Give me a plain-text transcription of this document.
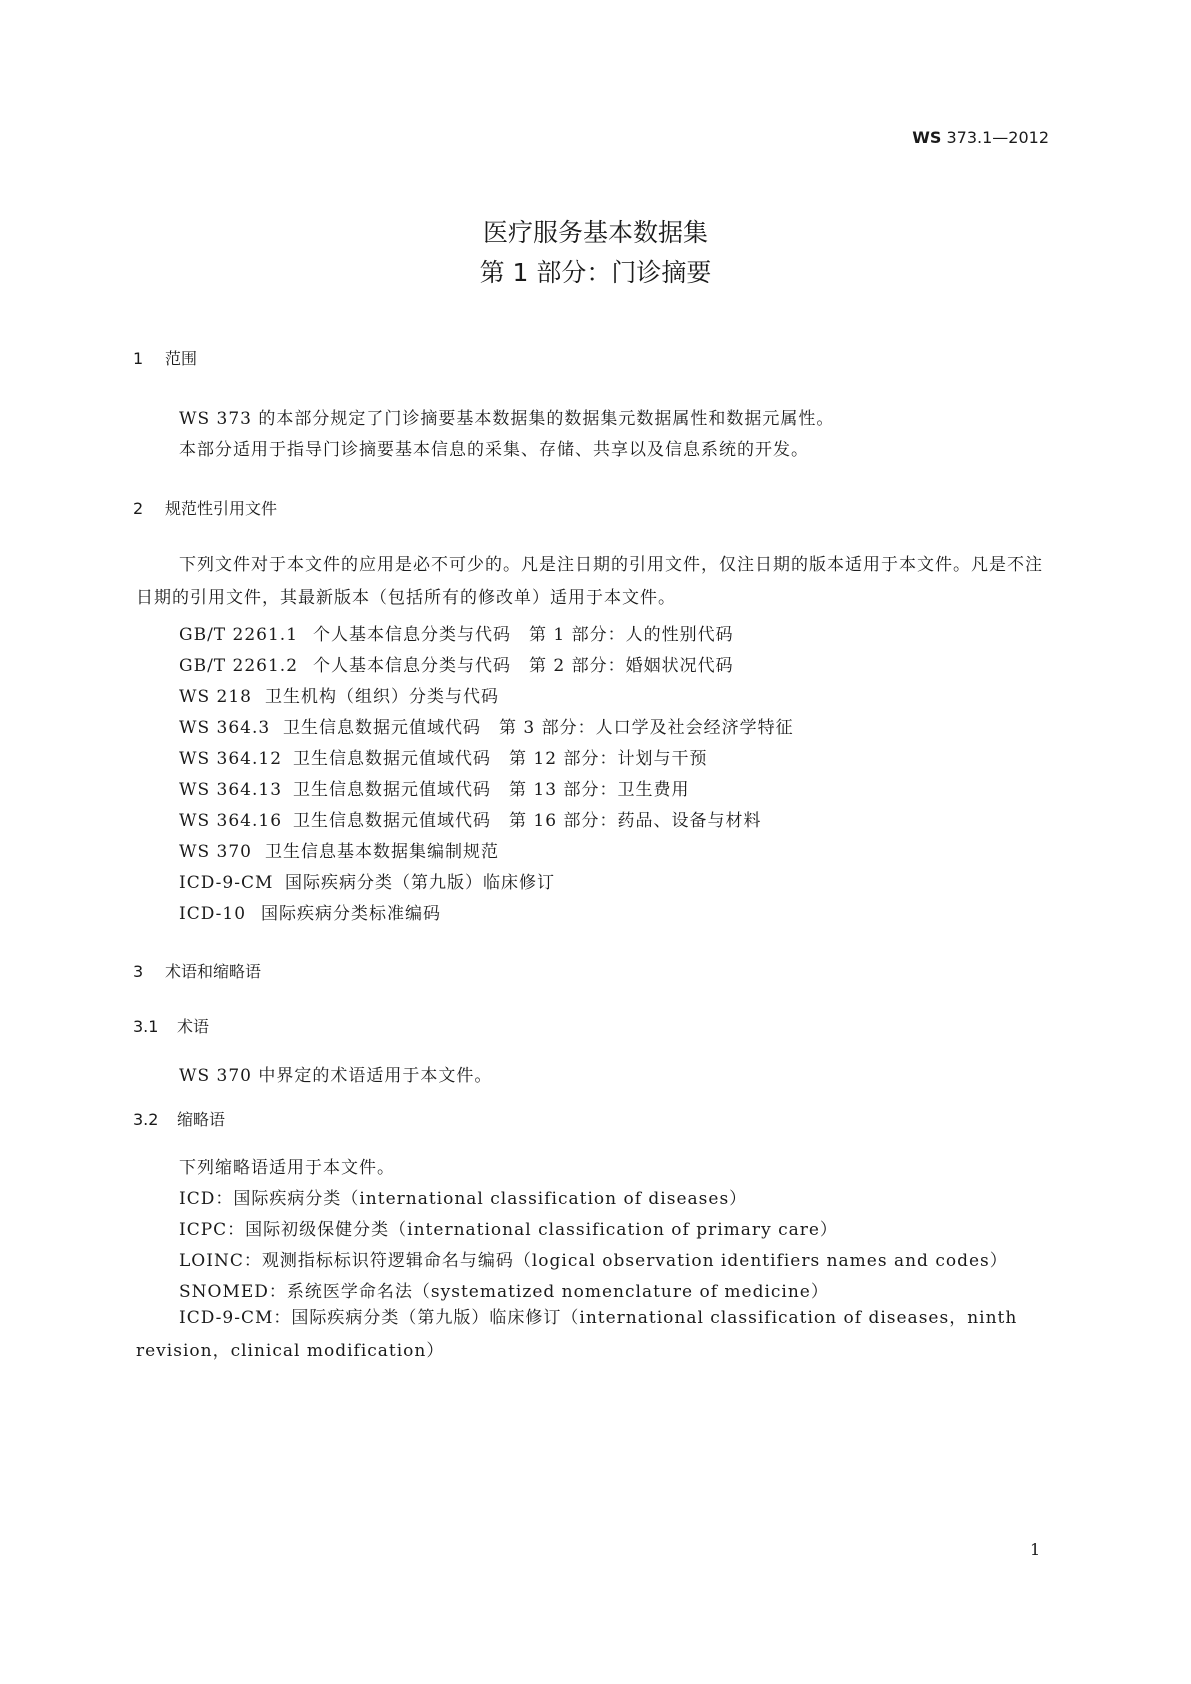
WS 373.1—2012
医疗服务基本数据集
第 1 部分：门诊摘要
1 范围
WS 373 的本部分规定了门诊摘要基本数据集的数据集元数据属性和数据元属性。
本部分适用于指导门诊摘要基本信息的采集、存储、共享以及信息系统的开发。
2 规范性引用文件
下列文件对于本文件的应用是必不可少的。凡是注日期的引用文件，仅注日期的版本适用于本文件。凡是不注日期的引用文件，其最新版本（包括所有的修改单）适用于本文件。
GB/T 2261.1 个人基本信息分类与代码　第 1 部分：人的性别代码
GB/T 2261.2 个人基本信息分类与代码　第 2 部分：婚姻状况代码
WS 218 卫生机构（组织）分类与代码
WS 364.3 卫生信息数据元值域代码　第 3 部分：人口学及社会经济学特征
WS 364.12 卫生信息数据元值域代码　第 12 部分：计划与干预
WS 364.13 卫生信息数据元值域代码　第 13 部分：卫生费用
WS 364.16 卫生信息数据元值域代码　第 16 部分：药品、设备与材料
WS 370 卫生信息基本数据集编制规范
ICD-9-CM 国际疾病分类（第九版）临床修订
ICD-10 国际疾病分类标准编码
3 术语和缩略语
3.1 术语
WS 370 中界定的术语适用于本文件。
3.2 缩略语
下列缩略语适用于本文件。
ICD：国际疾病分类（international classification of diseases）
ICPC：国际初级保健分类（international classification of primary care）
LOINC：观测指标标识符逻辑命名与编码（logical observation identifiers names and codes）
SNOMED：系统医学命名法（systematized nomenclature of medicine）
ICD-9-CM：国际疾病分类（第九版）临床修订（international classification of diseases，ninth revision，clinical modification）
1
